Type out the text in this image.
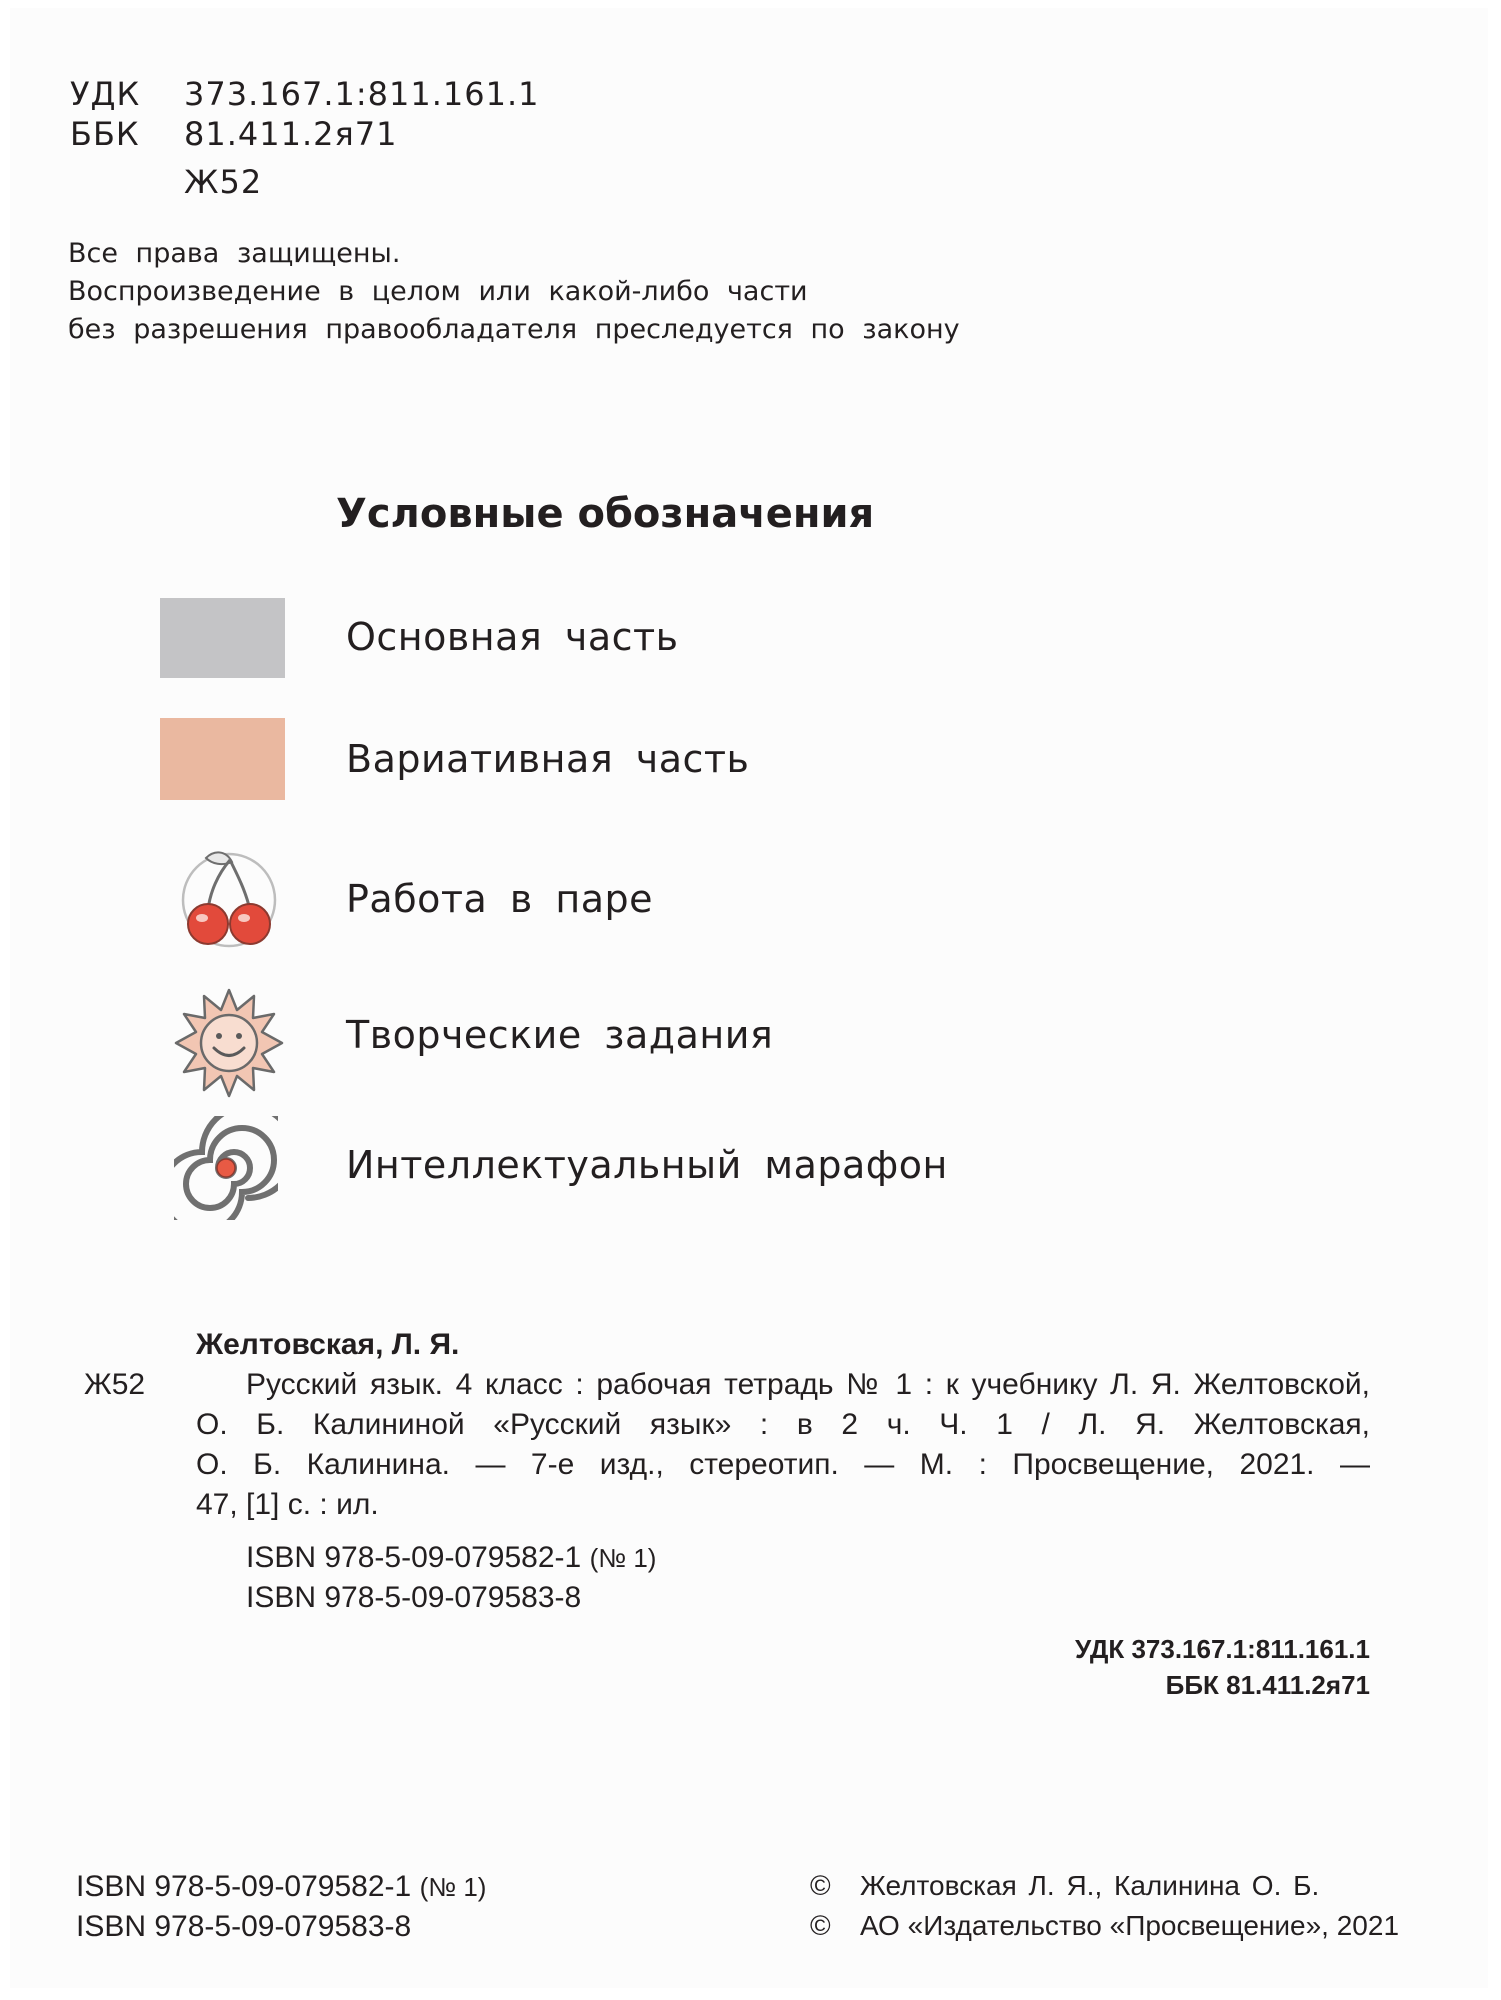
УДК 373.167.1:811.161.1
ББК 81.411.2я71
Ж52
Все права защищены.
Воспроизведение в целом или какой-либо части
без разрешения правообладателя преследуется по закону
Условные обозначения
Основная часть
Вариативная часть
Работа в паре
Творческие задания
Интеллектуальный марафон
Желтовская, Л. Я.
Ж52	Русский язык. 4 класс : рабочая тетрадь № 1 : к учебнику Л. Я. Желтовской,
О. Б. Калининой «Русский язык» : в 2 ч. Ч. 1 / Л. Я. Желтовская,
О. Б. Калинина. — 7-е изд., стереотип. — М. : Просвещение, 2021. —
47, [1] с. : ил.
ISBN 978-5-09-079582-1 (№ 1)
ISBN 978-5-09-079583-8
УДК 373.167.1:811.161.1
ББК 81.411.2я71
ISBN 978-5-09-079582-1 (№ 1)
ISBN 978-5-09-079583-8
© Желтовская Л. Я., Калинина О. Б.
© АО «Издательство «Просвещение», 2021
